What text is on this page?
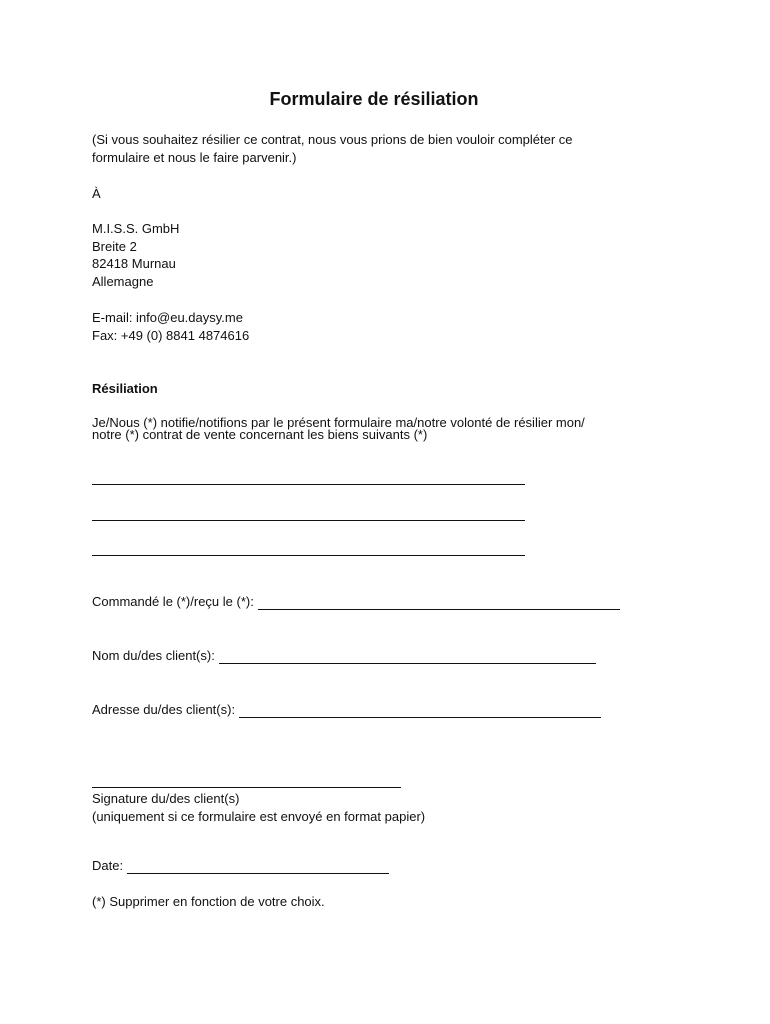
Formulaire de résiliation

(Si vous souhaitez résilier ce contrat, nous vous prions de bien vouloir compléter ce

formulaire et nous le faire parvenir.)

À

M.I.S.S. GmbH

Breite 2

82418 Murnau

Allemagne

E-mail: info@eu.daysy.me

Fax: +49 (0) 8841 4874616

Résiliation

Je/Nous (*) notifie/notifions par le présent formulaire ma/notre volonté de résilier mon/

notre (*) contrat de vente concernant les biens suivants (*)

Commandé le (*)/reçu le (*):
Nom du/des client(s):
Adresse du/des client(s):

Signature du/des client(s)

(uniquement si ce formulaire est envoyé en format papier)

Date:

(*) Supprimer en fonction de votre choix.
